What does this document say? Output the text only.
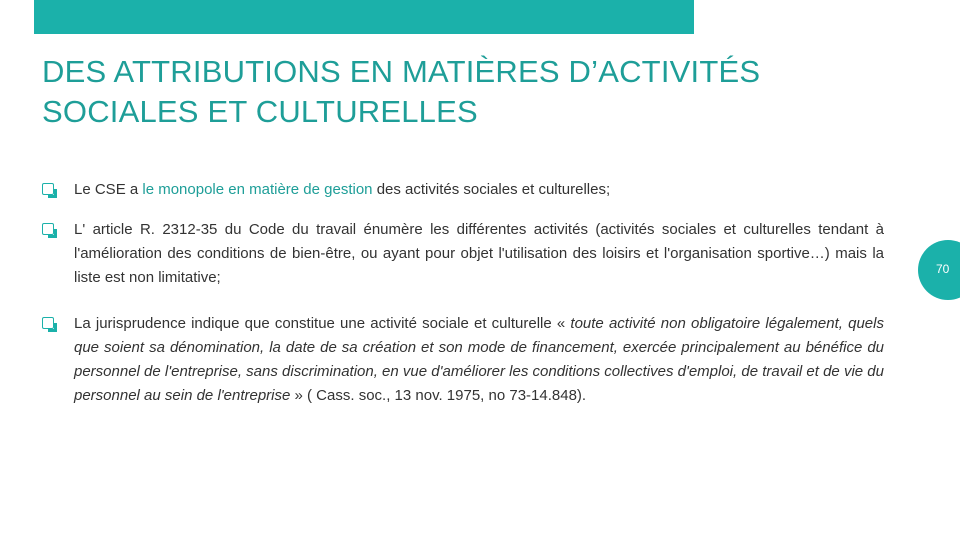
DES ATTRIBUTIONS EN MATIÈRES D’ACTIVITÉS
SOCIALES ET CULTURELLES
70
Le CSE a le monopole en matière de gestion des activités sociales et culturelles;
L' article R. 2312-35 du Code du travail énumère les différentes activités (activités sociales et culturelles tendant à l'amélioration des conditions de bien-être, ou ayant pour objet l'utilisation des loisirs et l'organisation sportive…) mais la liste est non limitative;
La jurisprudence indique que constitue une activité sociale et culturelle « toute activité non obligatoire légalement, quels que soient sa dénomination, la date de sa création et son mode de financement, exercée principalement au bénéfice du personnel de l'entreprise, sans discrimination, en vue d'améliorer les conditions collectives d'emploi, de travail et de vie du personnel au sein de l'entreprise » ( Cass. soc., 13 nov. 1975, no 73-14.848).
